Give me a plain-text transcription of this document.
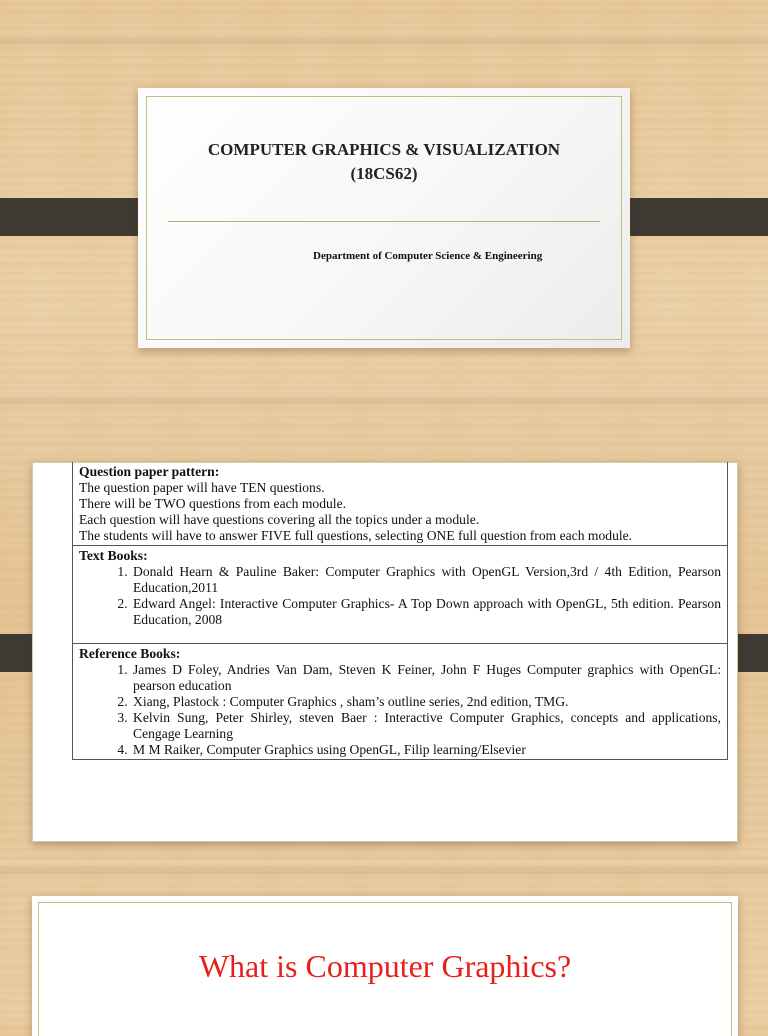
COMPUTER GRAPHICS & VISUALIZATION
(18CS62)
Department of Computer Science & Engineering

Question paper pattern:

The question paper will have TEN questions.

There will be TWO questions from each module.

Each question will have questions covering all the topics under a module.

The students will have to answer FIVE full questions, selecting ONE full question from each module.

Text Books:

1. Donald Hearn & Pauline Baker: Computer Graphics with OpenGL Version,3rd / 4th Edition, Pearson Education,2011
2. Edward Angel: Interactive Computer Graphics- A Top Down approach with OpenGL, 5th edition. Pearson Education, 2008

Reference Books:

1. James D Foley, Andries Van Dam, Steven K Feiner, John F Huges Computer graphics with OpenGL: pearson education
2. Xiang, Plastock : Computer Graphics , sham’s outline series, 2nd edition, TMG.
3. Kelvin Sung, Peter Shirley, steven Baer : Interactive Computer Graphics, concepts and applications, Cengage Learning
4. M M Raiker, Computer Graphics using OpenGL, Filip learning/Elsevier
What is Computer Graphics?
